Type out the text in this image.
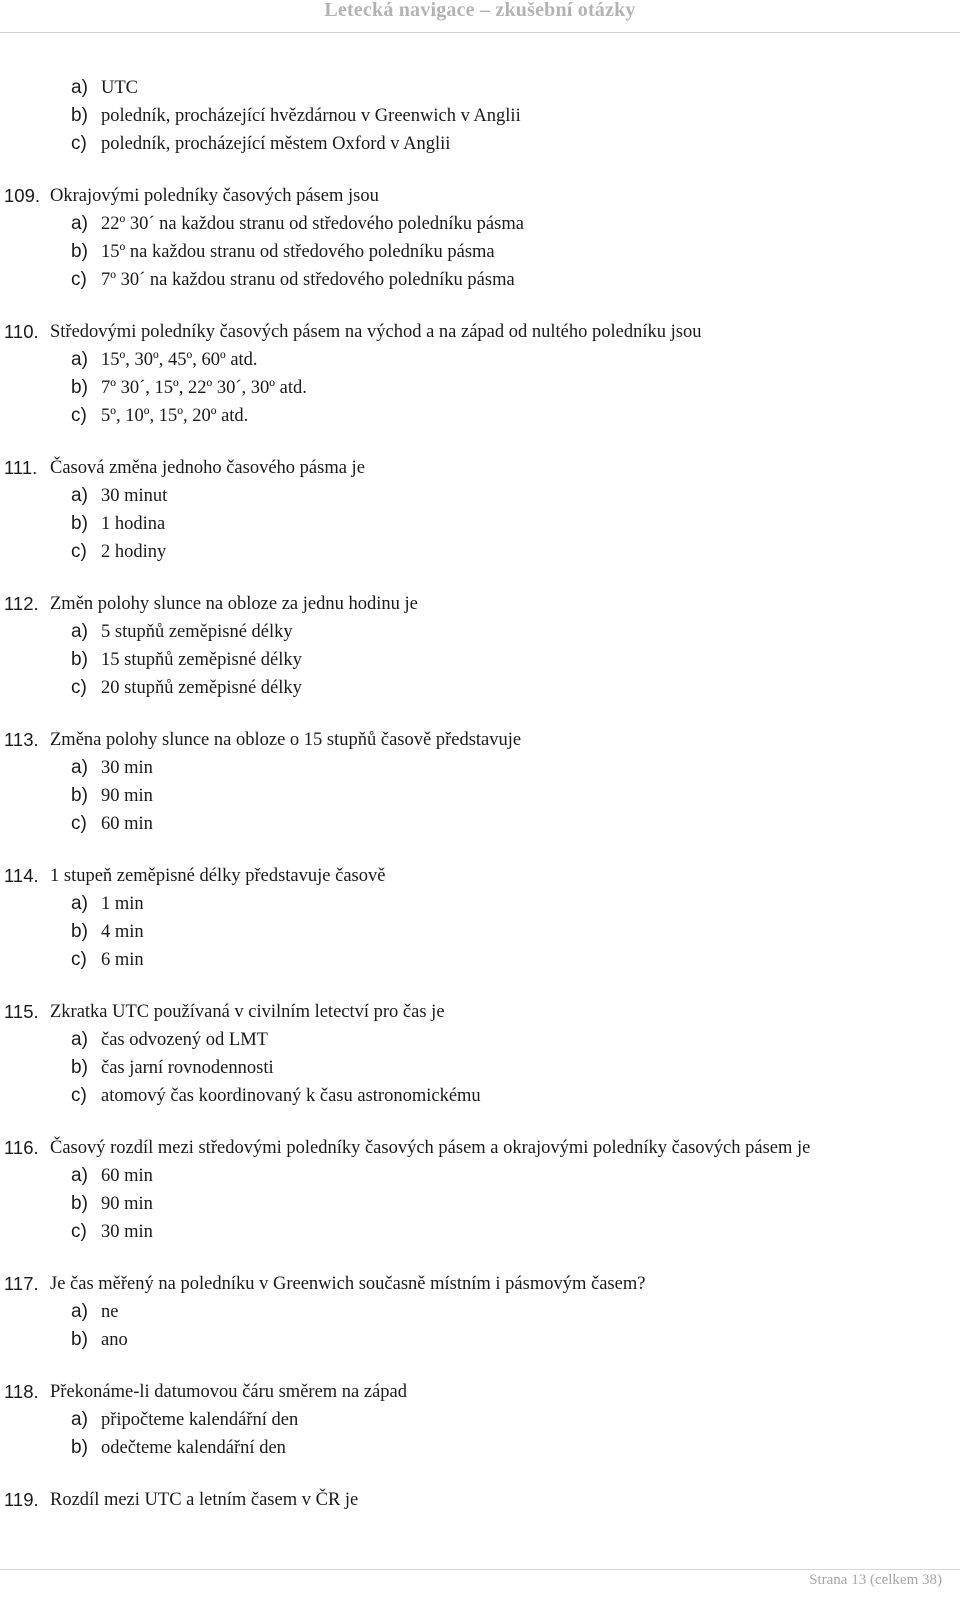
Letecká navigace – zkušební otázky
a) UTC
b) poledník, procházející hvězdárnou v Greenwich v Anglii
c) poledník, procházející městem Oxford v Anglii
109. Okrajovými poledníky časových pásem jsou
a) 22º 30´ na každou stranu od středového poledníku pásma
b) 15º na každou stranu od středového poledníku pásma
c) 7º 30´ na každou stranu od středového poledníku pásma
110. Středovými poledníky časových pásem na východ a na západ od nultého poledníku jsou
a) 15º, 30º, 45º, 60º atd.
b) 7º 30´, 15º, 22º 30´, 30º atd.
c) 5º, 10º, 15º, 20º atd.
111. Časová změna jednoho časového pásma je
a) 30 minut
b) 1 hodina
c) 2 hodiny
112. Změn polohy slunce na obloze za jednu hodinu je
a) 5 stupňů zeměpisné délky
b) 15 stupňů zeměpisné délky
c) 20 stupňů zeměpisné délky
113. Změna polohy slunce na obloze o 15 stupňů časově představuje
a) 30 min
b) 90 min
c) 60 min
114. 1 stupeň zeměpisné délky představuje časově
a) 1 min
b) 4 min
c) 6 min
115. Zkratka UTC používaná v civilním letectví pro čas je
a) čas odvozený od LMT
b) čas jarní rovnodennosti
c) atomový čas koordinovaný k času astronomickému
116. Časový rozdíl mezi středovými poledníky časových pásem a okrajovými poledníky časových pásem je
a) 60 min
b) 90 min
c) 30 min
117. Je čas měřený na poledníku v Greenwich současně místním i pásmovým časem?
a) ne
b) ano
118. Překonáme-li datumovou čáru směrem na západ
a) připočteme kalendářní den
b) odečteme kalendářní den
119. Rozdíl mezi UTC a letním časem v ČR je
Strana 13 (celkem 38)
